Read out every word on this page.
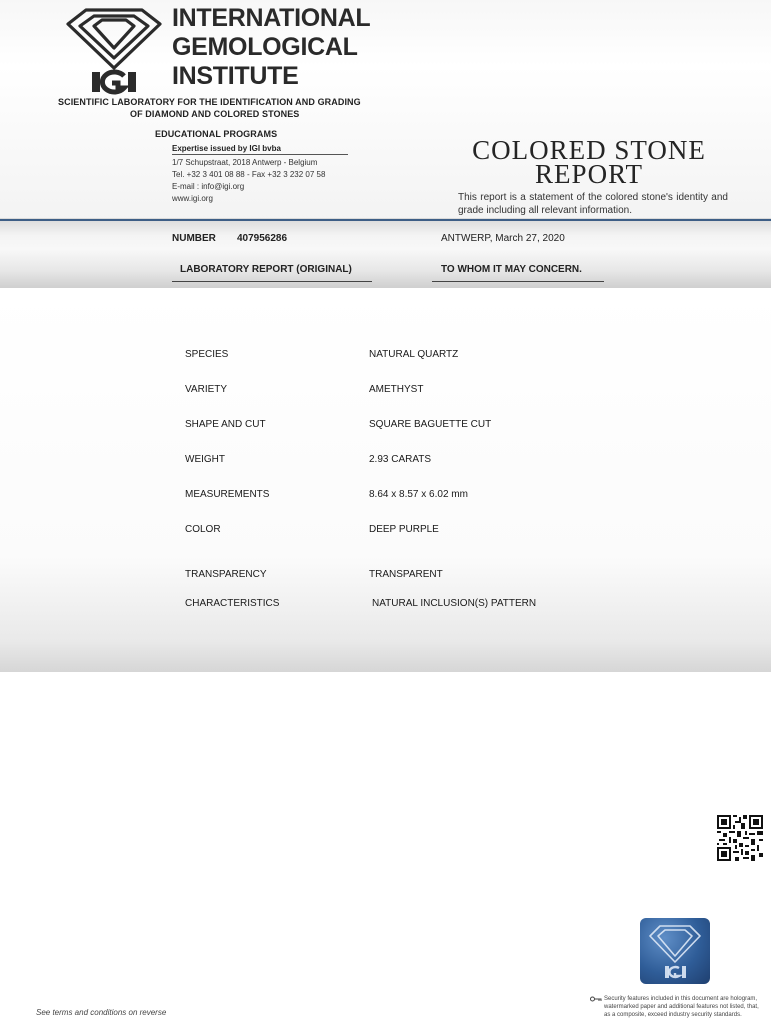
INTERNATIONAL
GEMOLOGICAL
INSTITUTE
SCIENTIFIC LABORATORY FOR THE IDENTIFICATION AND GRADING
OF DIAMOND AND COLORED STONES
EDUCATIONAL PROGRAMS
Expertise issued by IGI bvba
1/7 Schupstraat, 2018 Antwerp - Belgium
Tel. +32 3 401 08 88 - Fax +32 3 232 07 58
E-mail : info@igi.org
www.igi.org
COLORED STONE
REPORT
This report is a statement of the colored stone's identity and grade including all relevant information.
NUMBER 407956286	ANTWERP, March 27, 2020
LABORATORY REPORT (ORIGINAL)	TO WHOM IT MAY CONCERN.
SPECIES	NATURAL QUARTZ
VARIETY	AMETHYST
SHAPE AND CUT	SQUARE BAGUETTE CUT
WEIGHT	2.93 CARATS
MEASUREMENTS	8.64 x 8.57 x 6.02 mm
COLOR	DEEP PURPLE
TRANSPARENCY	TRANSPARENT
CHARACTERISTICS	NATURAL INCLUSION(S) PATTERN
Security features included in this document are hologram, watermarked paper and additional features not listed, that, as a composite, exceed industry security standards.
See terms and conditions on reverse
